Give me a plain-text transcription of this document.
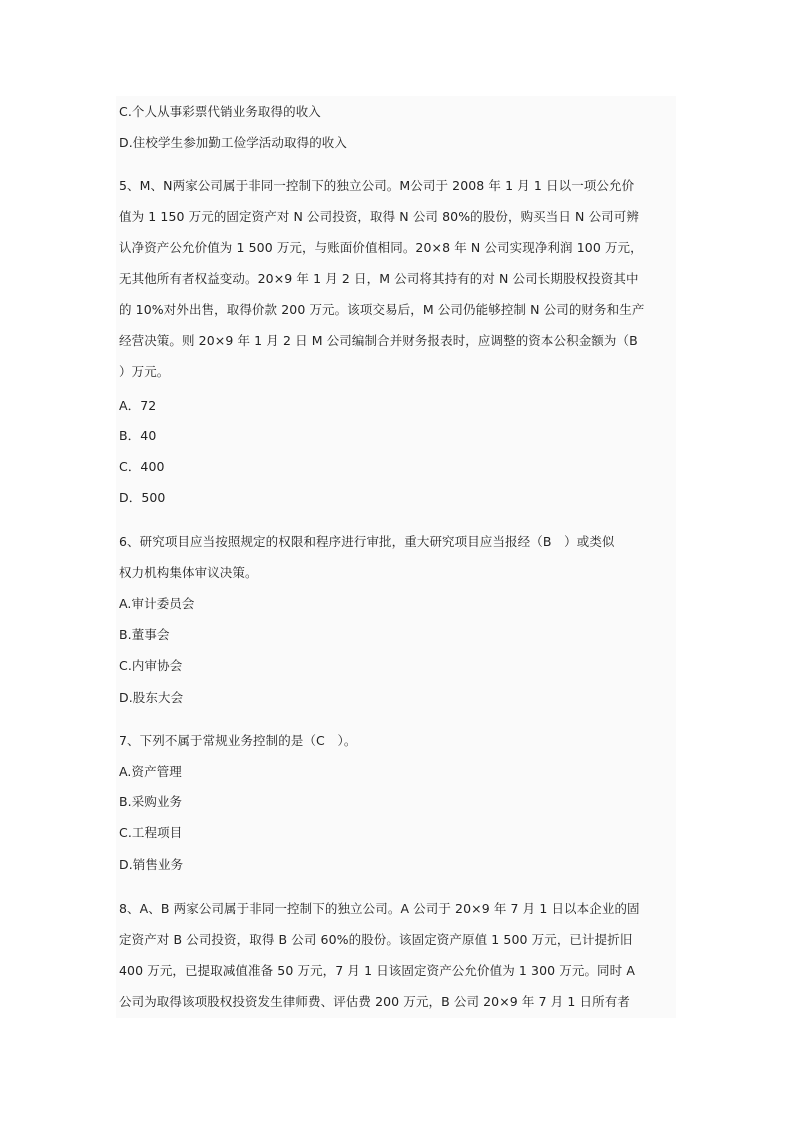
C.个人从事彩票代销业务取得的收入
D.住校学生参加勤工俭学活动取得的收入
5、M、N两家公司属于非同一控制下的独立公司。M公司于 2008 年 1 月 1 日以一项公允价
值为 1 150 万元的固定资产对 N 公司投资，取得 N 公司 80%的股份，购买当日 N 公司可辨
认净资产公允价值为 1 500 万元，与账面价值相同。20×8 年 N 公司实现净利润 100 万元，
无其他所有者权益变动。20×9 年 1 月 2 日，M 公司将其持有的对 N 公司长期股权投资其中
的 10%对外出售，取得价款 200 万元。该项交易后，M 公司仍能够控制 N 公司的财务和生产
经营决策。则 20×9 年 1 月 2 日 M 公司编制合并财务报表时，应调整的资本公积金额为（B
）万元。
A．72
B．40
C．400
D．500
6、研究项目应当按照规定的权限和程序进行审批，重大研究项目应当报经（B　）或类似
权力机构集体审议决策。
A.审计委员会
B.董事会
C.内审协会
D.股东大会
7、下列不属于常规业务控制的是（C　）。
A.资产管理
B.采购业务
C.工程项目
D.销售业务
8、A、B 两家公司属于非同一控制下的独立公司。A 公司于 20×9 年 7 月 1 日以本企业的固
定资产对 B 公司投资，取得 B 公司 60%的股份。该固定资产原值 1 500 万元，已计提折旧
400 万元，已提取减值准备 50 万元，7 月 1 日该固定资产公允价值为 1 300 万元。同时 A
公司为取得该项股权投资发生律师费、评估费 200 万元，B 公司 20×9 年 7 月 1 日所有者
